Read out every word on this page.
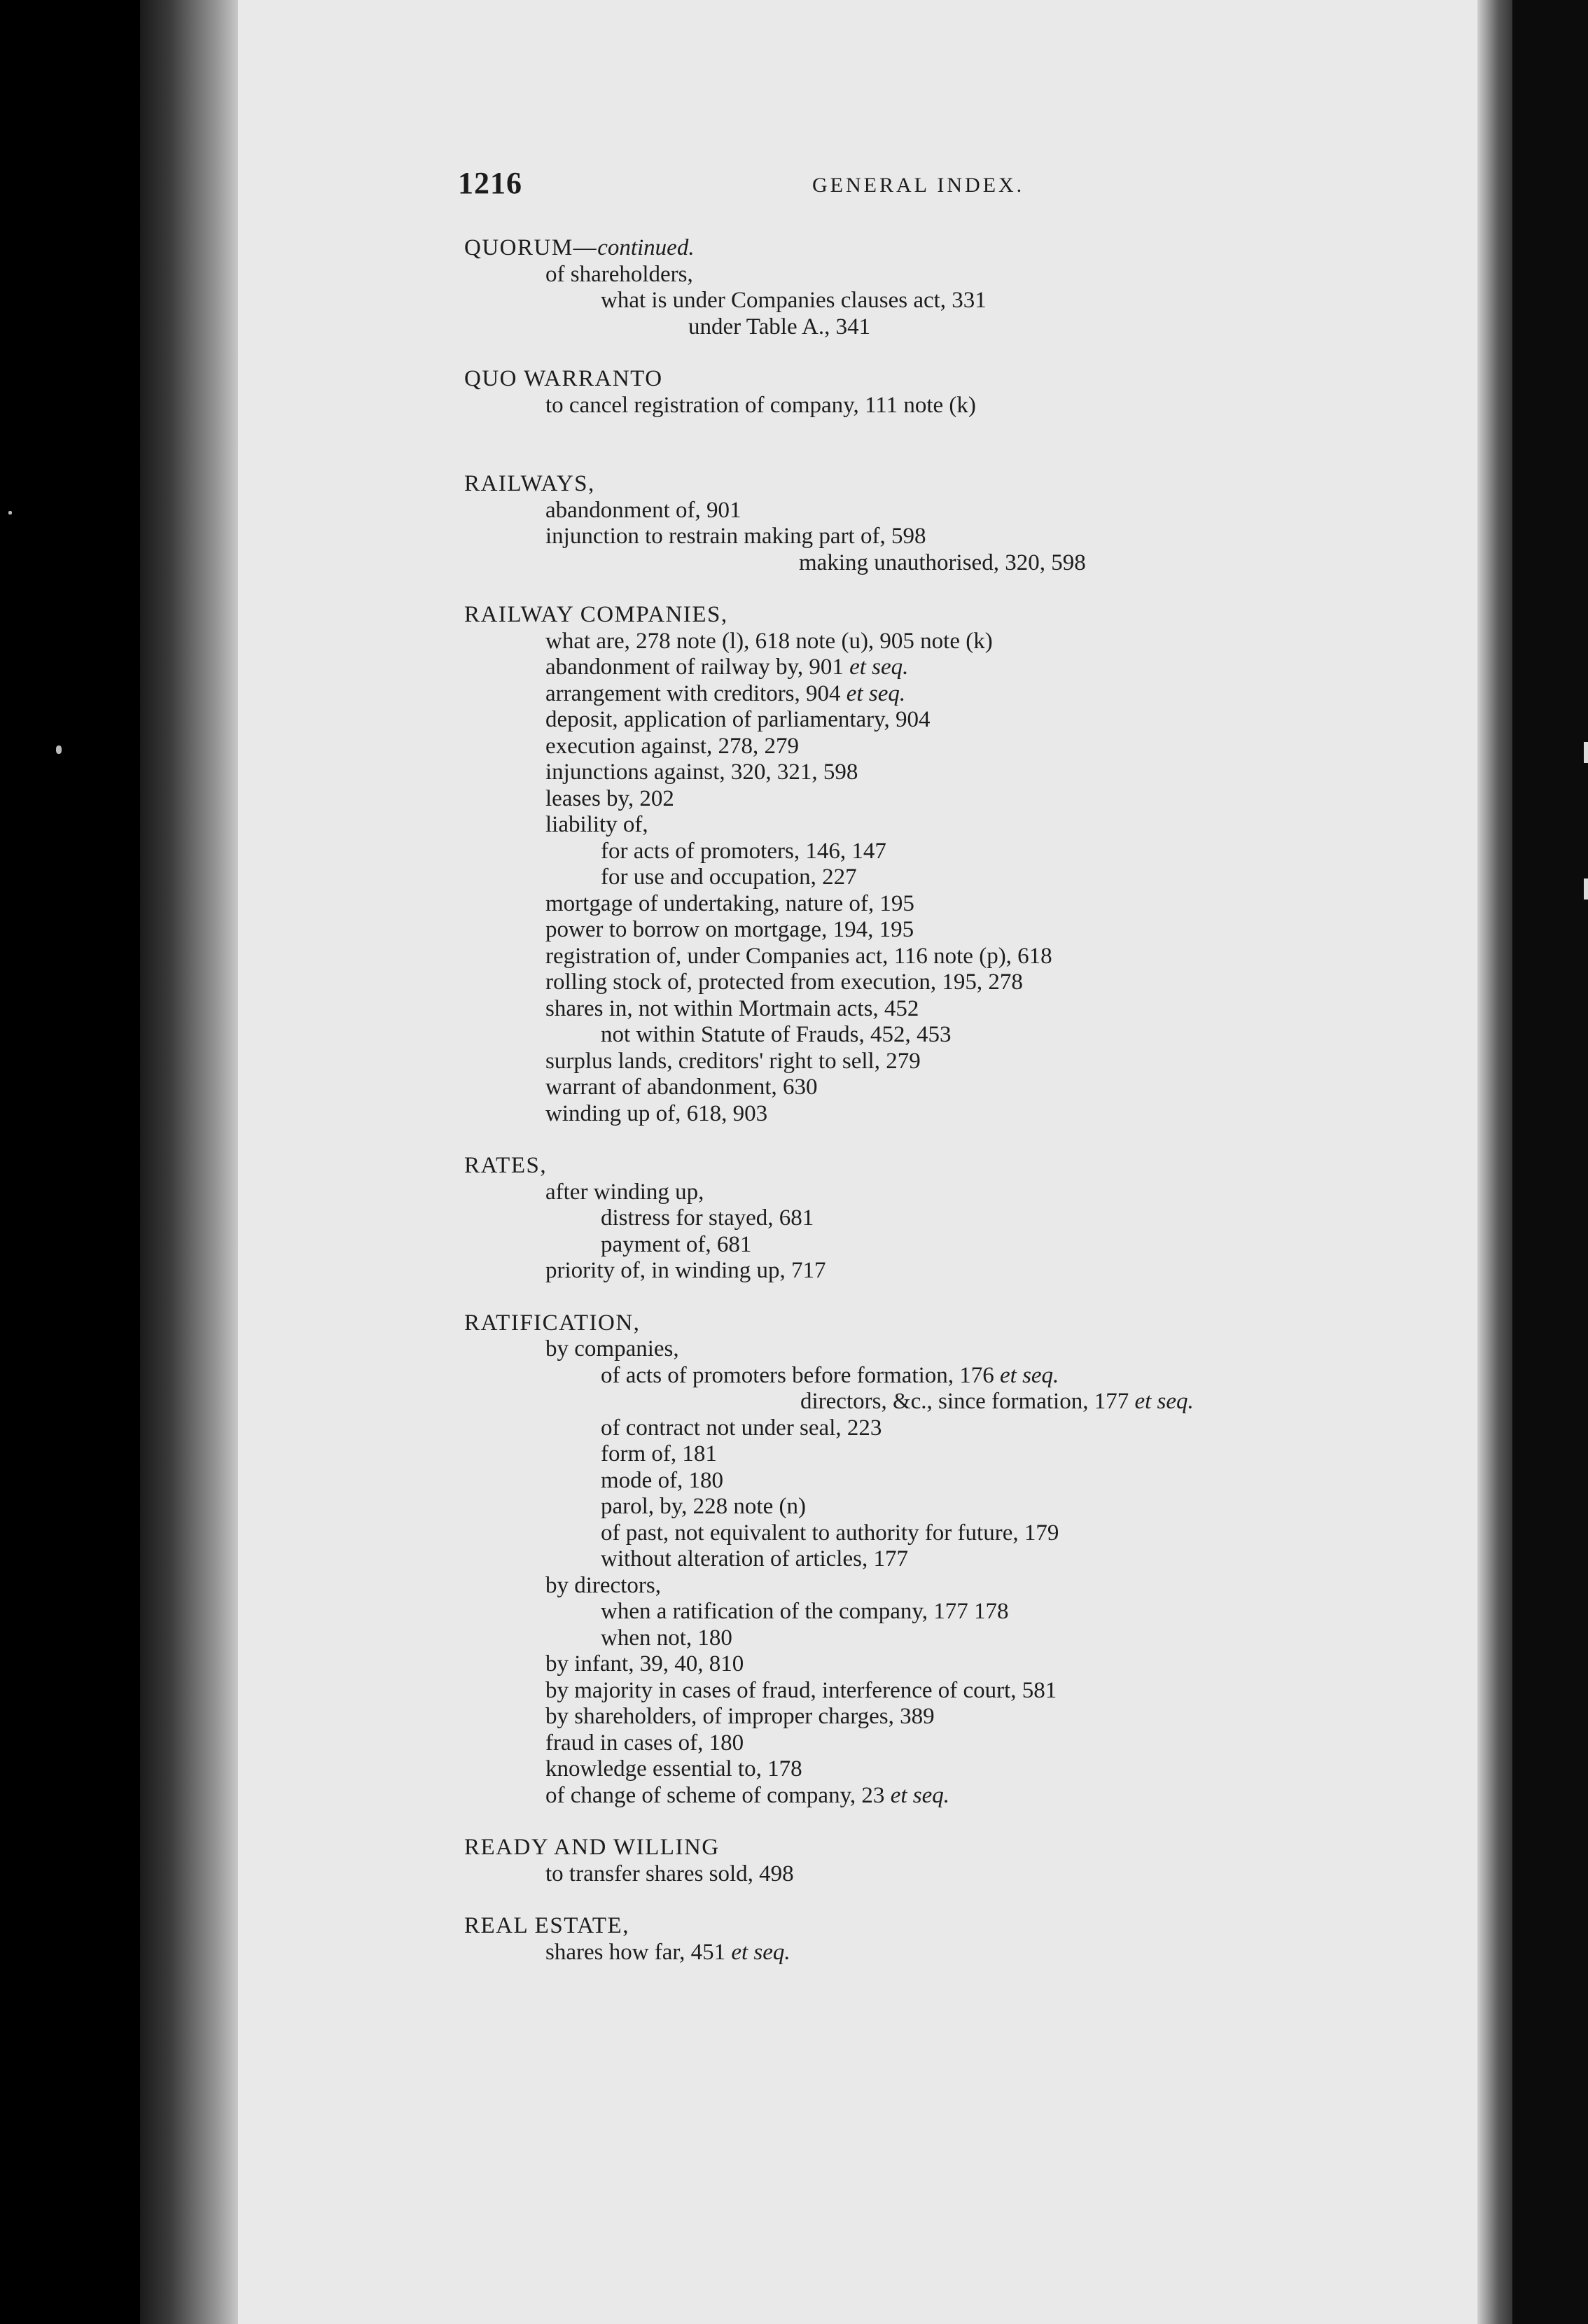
1216	GENERAL INDEX.
QUORUM—continued.
of shareholders,
what is under Companies clauses act, 331
under Table A., 341
QUO WARRANTO
to cancel registration of company, 111 note (k)
RAILWAYS,
abandonment of, 901
injunction to restrain making part of, 598
making unauthorised, 320, 598
RAILWAY COMPANIES,
what are, 278 note (l), 618 note (u), 905 note (k)
abandonment of railway by, 901 et seq.
arrangement with creditors, 904 et seq.
deposit, application of parliamentary, 904
execution against, 278, 279
injunctions against, 320, 321, 598
leases by, 202
liability of,
for acts of promoters, 146, 147
for use and occupation, 227
mortgage of undertaking, nature of, 195
power to borrow on mortgage, 194, 195
registration of, under Companies act, 116 note (p), 618
rolling stock of, protected from execution, 195, 278
shares in, not within Mortmain acts, 452
not within Statute of Frauds, 452, 453
surplus lands, creditors' right to sell, 279
warrant of abandonment, 630
winding up of, 618, 903
RATES,
after winding up,
distress for stayed, 681
payment of, 681
priority of, in winding up, 717
RATIFICATION,
by companies,
of acts of promoters before formation, 176 et seq.
directors, &c., since formation, 177 et seq.
of contract not under seal, 223
form of, 181
mode of, 180
parol, by, 228 note (n)
of past, not equivalent to authority for future, 179
without alteration of articles, 177
by directors,
when a ratification of the company, 177 178
when not, 180
by infant, 39, 40, 810
by majority in cases of fraud, interference of court, 581
by shareholders, of improper charges, 389
fraud in cases of, 180
knowledge essential to, 178
of change of scheme of company, 23 et seq.
READY AND WILLING
to transfer shares sold, 498
REAL ESTATE,
shares how far, 451 et seq.
